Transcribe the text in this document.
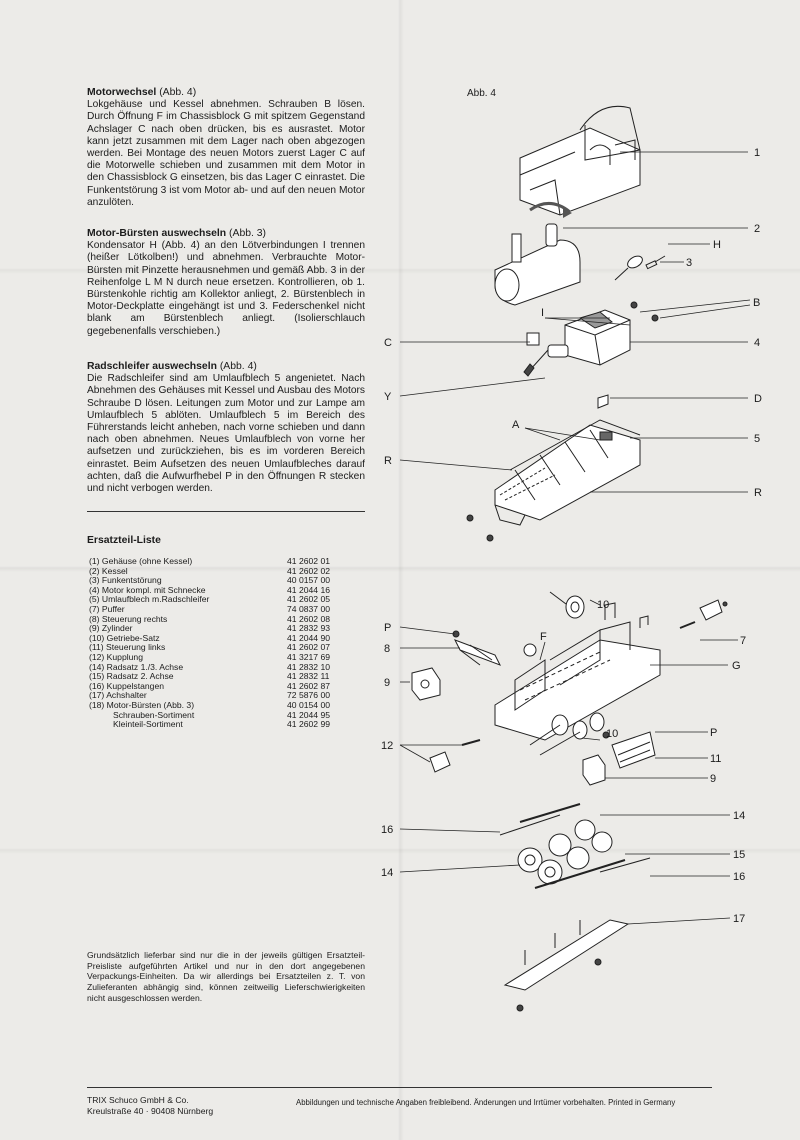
Motorwechsel (Abb. 4)

Lokgehäuse und Kessel abnehmen. Schrauben B lösen. Durch Öffnung F im Chassisblock G mit spitzem Gegenstand Achslager C nach oben drücken, bis es ausrastet. Motor kann jetzt zusammen mit dem Lager nach oben abgezogen werden. Bei Montage des neuen Motors zuerst Lager C auf die Motorwelle schieben und zusammen mit dem Motor in den Chassisblock G einsetzen, bis das Lager C einrastet. Die Funkentstörung 3 ist vom Motor ab- und auf den neuen Motor anzulöten.

Motor-Bürsten auswechseln (Abb. 3)

Kondensator H (Abb. 4) an den Lötverbindungen I trennen (heißer Lötkolben!) und abnehmen. Verbrauchte Motor-Bürsten mit Pinzette herausnehmen und gemäß Abb. 3 in der Reihenfolge L M N durch neue ersetzen. Kontrollieren, ob 1. Bürstenkohle richtig am Kollektor anliegt, 2. Bürstenblech in Motor-Deckplatte eingehängt ist und 3. Federschenkel nicht blank am Bürstenblech anliegt. (Isolierschlauch gegebenenfalls verschieben.)

Radschleifer auswechseln (Abb. 4)

Die Radschleifer sind am Umlaufblech 5 angenietet. Nach Abnehmen des Gehäuses mit Kessel und Ausbau des Motors Schraube D lösen. Leitungen zum Motor und zur Lampe am Umlaufblech 5 ablöten. Umlaufblech 5 im Bereich des Führerstands leicht anheben, nach vorne schieben und dann nach oben abnehmen. Neues Umlaufblech von vorne her aufsetzen und zurückziehen, bis es im vorderen Bereich einrastet. Beim Aufsetzen des neuen Umlaufbleches darauf achten, daß die Aufwurfhebel P in den Öffnungen R stecken und nicht verbogen werden.

Ersatzteil-Liste
(1) Gehäuse (ohne Kessel)	41 2602 01
(2) Kessel	41 2602 02
(3) Funkentstörung	40 0157 00
(4) Motor kompl. mit Schnecke	41 2044 16
(5) Umlaufblech m.Radschleifer	41 2602 05
(7) Puffer	74 0837 00
(8) Steuerung rechts	41 2602 08
(9) Zylinder	41 2832 93
(10) Getriebe-Satz	41 2044 90
(11) Steuerung links	41 2602 07
(12) Kupplung	41 3217 69
(14) Radsatz 1./3. Achse	41 2832 10
(15) Radsatz 2. Achse	41 2832 11
(16) Kuppelstangen	41 2602 87
(17) Achshalter	72 5876 00
(18) Motor-Bürsten (Abb. 3)	40 0154 00
Schrauben-Sortiment	41 2044 95
Kleinteil-Sortiment	41 2602 99

Grundsätzlich lieferbar sind nur die in der jeweils gültigen Ersatzteil-Preisliste aufgeführten Artikel und nur in den dort angegebenen Verpackungs-Einheiten. Da wir allerdings bei Ersatzteilen z. T. von Zulieferanten abhängig sind, können zeitweilig Lieferschwierigkeiten nicht ausgeschlossen werden.

TRIX Schuco GmbH & Co.
Kreulstraße 40 · 90408 Nürnberg
Abbildungen und technische Angaben freibleibend. Änderungen und Irrtümer vorbehalten. Printed in Germany
Abb. 4
1
2
H
3
B
I
C	4
Y	D
A
5
R
R
10
P
F	7
8
G
9
12
10	P
11
9
14
16
15
14	16
17
